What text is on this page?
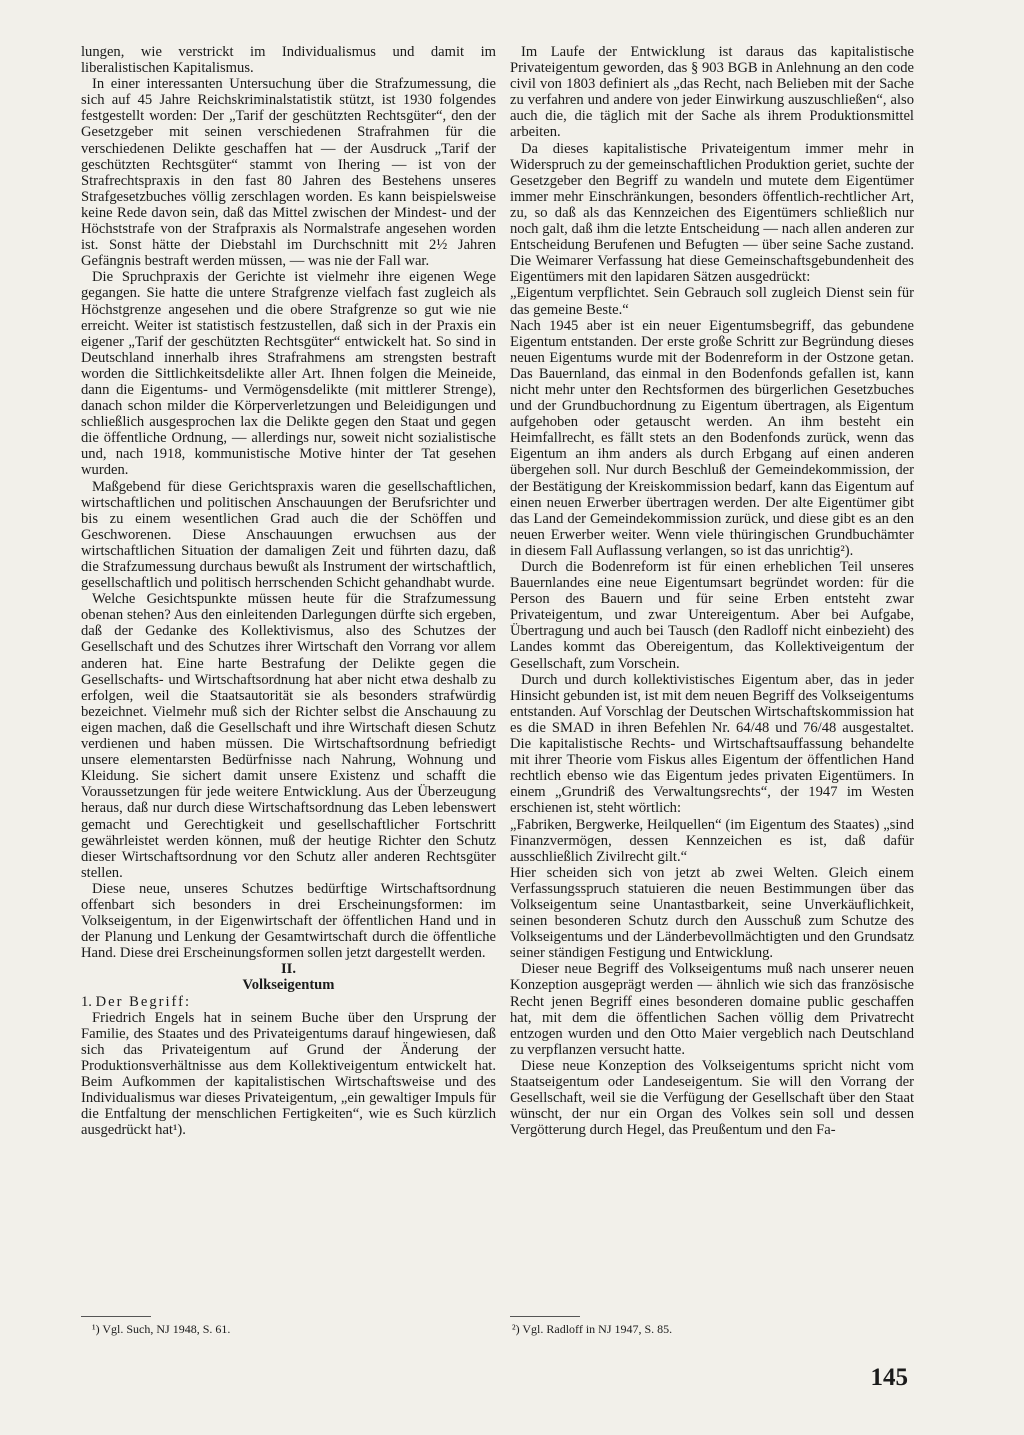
lungen, wie verstrickt im Individualismus und damit im liberalistischen Kapitalismus.

In einer interessanten Untersuchung über die Strafzumessung, die sich auf 45 Jahre Reichskriminalstatistik stützt, ist 1930 folgendes festgestellt worden: Der „Tarif der geschützten Rechtsgüter“, den der Gesetzgeber mit seinen verschiedenen Strafrahmen für die verschiedenen Delikte geschaffen hat — der Ausdruck „Tarif der geschützten Rechtsgüter“ stammt von Ihering — ist von der Strafrechtspraxis in den fast 80 Jahren des Bestehens unseres Strafgesetzbuches völlig zerschlagen worden. Es kann beispielsweise keine Rede davon sein, daß das Mittel zwischen der Mindest- und der Höchststrafe von der Strafpraxis als Normalstrafe angesehen worden ist. Sonst hätte der Diebstahl im Durchschnitt mit 2½ Jahren Gefängnis bestraft werden müssen, — was nie der Fall war.

Die Spruchpraxis der Gerichte ist vielmehr ihre eigenen Wege gegangen. Sie hatte die untere Strafgrenze vielfach fast zugleich als Höchstgrenze angesehen und die obere Strafgrenze so gut wie nie erreicht. Weiter ist statistisch festzustellen, daß sich in der Praxis ein eigener „Tarif der geschützten Rechtsgüter“ entwickelt hat. So sind in Deutschland innerhalb ihres Strafrahmens am strengsten bestraft worden die Sittlichkeitsdelikte aller Art. Ihnen folgen die Meineide, dann die Eigentums- und Vermögensdelikte (mit mittlerer Strenge), danach schon milder die Körperverletzungen und Beleidigungen und schließlich ausgesprochen lax die Delikte gegen den Staat und gegen die öffentliche Ordnung, — allerdings nur, soweit nicht sozialistische und, nach 1918, kommunistische Motive hinter der Tat gesehen wurden.

Maßgebend für diese Gerichtspraxis waren die gesellschaftlichen, wirtschaftlichen und politischen Anschauungen der Berufsrichter und bis zu einem wesentlichen Grad auch die der Schöffen und Geschworenen. Diese Anschauungen erwuchsen aus der wirtschaftlichen Situation der damaligen Zeit und führten dazu, daß die Strafzumessung durchaus bewußt als Instrument der wirtschaftlich, gesellschaftlich und politisch herrschenden Schicht gehandhabt wurde.

Welche Gesichtspunkte müssen heute für die Strafzumessung obenan stehen? Aus den einleitenden Darlegungen dürfte sich ergeben, daß der Gedanke des Kollektivismus, also des Schutzes der Gesellschaft und des Schutzes ihrer Wirtschaft den Vorrang vor allem anderen hat. Eine harte Bestrafung der Delikte gegen die Gesellschafts- und Wirtschaftsordnung hat aber nicht etwa deshalb zu erfolgen, weil die Staatsautorität sie als besonders strafwürdig bezeichnet. Vielmehr muß sich der Richter selbst die Anschauung zu eigen machen, daß die Gesellschaft und ihre Wirtschaft diesen Schutz verdienen und haben müssen. Die Wirtschaftsordnung befriedigt unsere elementarsten Bedürfnisse nach Nahrung, Wohnung und Kleidung. Sie sichert damit unsere Existenz und schafft die Voraussetzungen für jede weitere Entwicklung. Aus der Überzeugung heraus, daß nur durch diese Wirtschaftsordnung das Leben lebenswert gemacht und Gerechtigkeit und gesellschaftlicher Fortschritt gewährleistet werden können, muß der heutige Richter den Schutz dieser Wirtschaftsordnung vor den Schutz aller anderen Rechtsgüter stellen.

Diese neue, unseres Schutzes bedürftige Wirtschaftsordnung offenbart sich besonders in drei Erscheinungsformen: im Volkseigentum, in der Eigenwirtschaft der öffentlichen Hand und in der Planung und Lenkung der Gesamtwirtschaft durch die öffentliche Hand. Diese drei Erscheinungsformen sollen jetzt dargestellt werden.

II.

Volkseigentum

1. Der Begriff:

Friedrich Engels hat in seinem Buche über den Ursprung der Familie, des Staates und des Privateigentums darauf hingewiesen, daß sich das Privateigentum auf Grund der Änderung der Produktionsverhältnisse aus dem Kollektiveigentum entwickelt hat. Beim Aufkommen der kapitalistischen Wirtschaftsweise und des Individualismus war dieses Privateigentum, „ein gewaltiger Impuls für die Entfaltung der menschlichen Fertigkeiten“, wie es Such kürzlich ausgedrückt hat¹).

Im Laufe der Entwicklung ist daraus das kapitalistische Privateigentum geworden, das § 903 BGB in Anlehnung an den code civil von 1803 definiert als „das Recht, nach Belieben mit der Sache zu verfahren und andere von jeder Einwirkung auszuschließen“, also auch die, die täglich mit der Sache als ihrem Produktionsmittel arbeiten.

Da dieses kapitalistische Privateigentum immer mehr in Widerspruch zu der gemeinschaftlichen Produktion geriet, suchte der Gesetzgeber den Begriff zu wandeln und mutete dem Eigentümer immer mehr Einschränkungen, besonders öffentlich-rechtlicher Art, zu, so daß als das Kennzeichen des Eigentümers schließlich nur noch galt, daß ihm die letzte Entscheidung — nach allen anderen zur Entscheidung Berufenen und Befugten — über seine Sache zustand. Die Weimarer Verfassung hat diese Gemeinschaftsgebundenheit des Eigentümers mit den lapidaren Sätzen ausgedrückt:

„Eigentum verpflichtet. Sein Gebrauch soll zugleich Dienst sein für das gemeine Beste.“

Nach 1945 aber ist ein neuer Eigentumsbegriff, das gebundene Eigentum entstanden. Der erste große Schritt zur Begründung dieses neuen Eigentums wurde mit der Bodenreform in der Ostzone getan. Das Bauernland, das einmal in den Bodenfonds gefallen ist, kann nicht mehr unter den Rechtsformen des bürgerlichen Gesetzbuches und der Grundbuchordnung zu Eigentum übertragen, als Eigentum aufgehoben oder getauscht werden. An ihm besteht ein Heimfallrecht, es fällt stets an den Bodenfonds zurück, wenn das Eigentum an ihm anders als durch Erbgang auf einen anderen übergehen soll. Nur durch Beschluß der Gemeindekommission, der der Bestätigung der Kreiskommission bedarf, kann das Eigentum auf einen neuen Erwerber übertragen werden. Der alte Eigentümer gibt das Land der Gemeindekommission zurück, und diese gibt es an den neuen Erwerber weiter. Wenn viele thüringischen Grundbuchämter in diesem Fall Auflassung verlangen, so ist das unrichtig²).

Durch die Bodenreform ist für einen erheblichen Teil unseres Bauernlandes eine neue Eigentumsart begründet worden: für die Person des Bauern und für seine Erben entsteht zwar Privateigentum, und zwar Untereigentum. Aber bei Aufgabe, Übertragung und auch bei Tausch (den Radloff nicht einbezieht) des Landes kommt das Obereigentum, das Kollektiveigentum der Gesellschaft, zum Vorschein.

Durch und durch kollektivistisches Eigentum aber, das in jeder Hinsicht gebunden ist, ist mit dem neuen Begriff des Volkseigentums entstanden. Auf Vorschlag der Deutschen Wirtschaftskommission hat es die SMAD in ihren Befehlen Nr. 64/48 und 76/48 ausgestaltet. Die kapitalistische Rechts- und Wirtschaftsauffassung behandelte mit ihrer Theorie vom Fiskus alles Eigentum der öffentlichen Hand rechtlich ebenso wie das Eigentum jedes privaten Eigentümers. In einem „Grundriß des Verwaltungsrechts“, der 1947 im Westen erschienen ist, steht wörtlich:

„Fabriken, Bergwerke, Heilquellen“ (im Eigentum des Staates) „sind Finanzvermögen, dessen Kennzeichen es ist, daß dafür ausschließlich Zivilrecht gilt.“

Hier scheiden sich von jetzt ab zwei Welten. Gleich einem Verfassungsspruch statuieren die neuen Bestimmungen über das Volkseigentum seine Unantastbarkeit, seine Unverkäuflichkeit, seinen besonderen Schutz durch den Ausschuß zum Schutze des Volkseigentums und der Länderbevollmächtigten und den Grundsatz seiner ständigen Festigung und Entwicklung.

Dieser neue Begriff des Volkseigentums muß nach unserer neuen Konzeption ausgeprägt werden — ähnlich wie sich das französische Recht jenen Begriff eines besonderen domaine public geschaffen hat, mit dem die öffentlichen Sachen völlig dem Privatrecht entzogen wurden und den Otto Maier vergeblich nach Deutschland zu verpflanzen versucht hatte.

Diese neue Konzeption des Volkseigentums spricht nicht vom Staatseigentum oder Landeseigentum. Sie will den Vorrang der Gesellschaft, weil sie die Verfügung der Gesellschaft über den Staat wünscht, der nur ein Organ des Volkes sein soll und dessen Vergötterung durch Hegel, das Preußentum und den Fa-

¹) Vgl. Such, NJ 1948, S. 61.	²) Vgl. Radloff in NJ 1947, S. 85.
145
